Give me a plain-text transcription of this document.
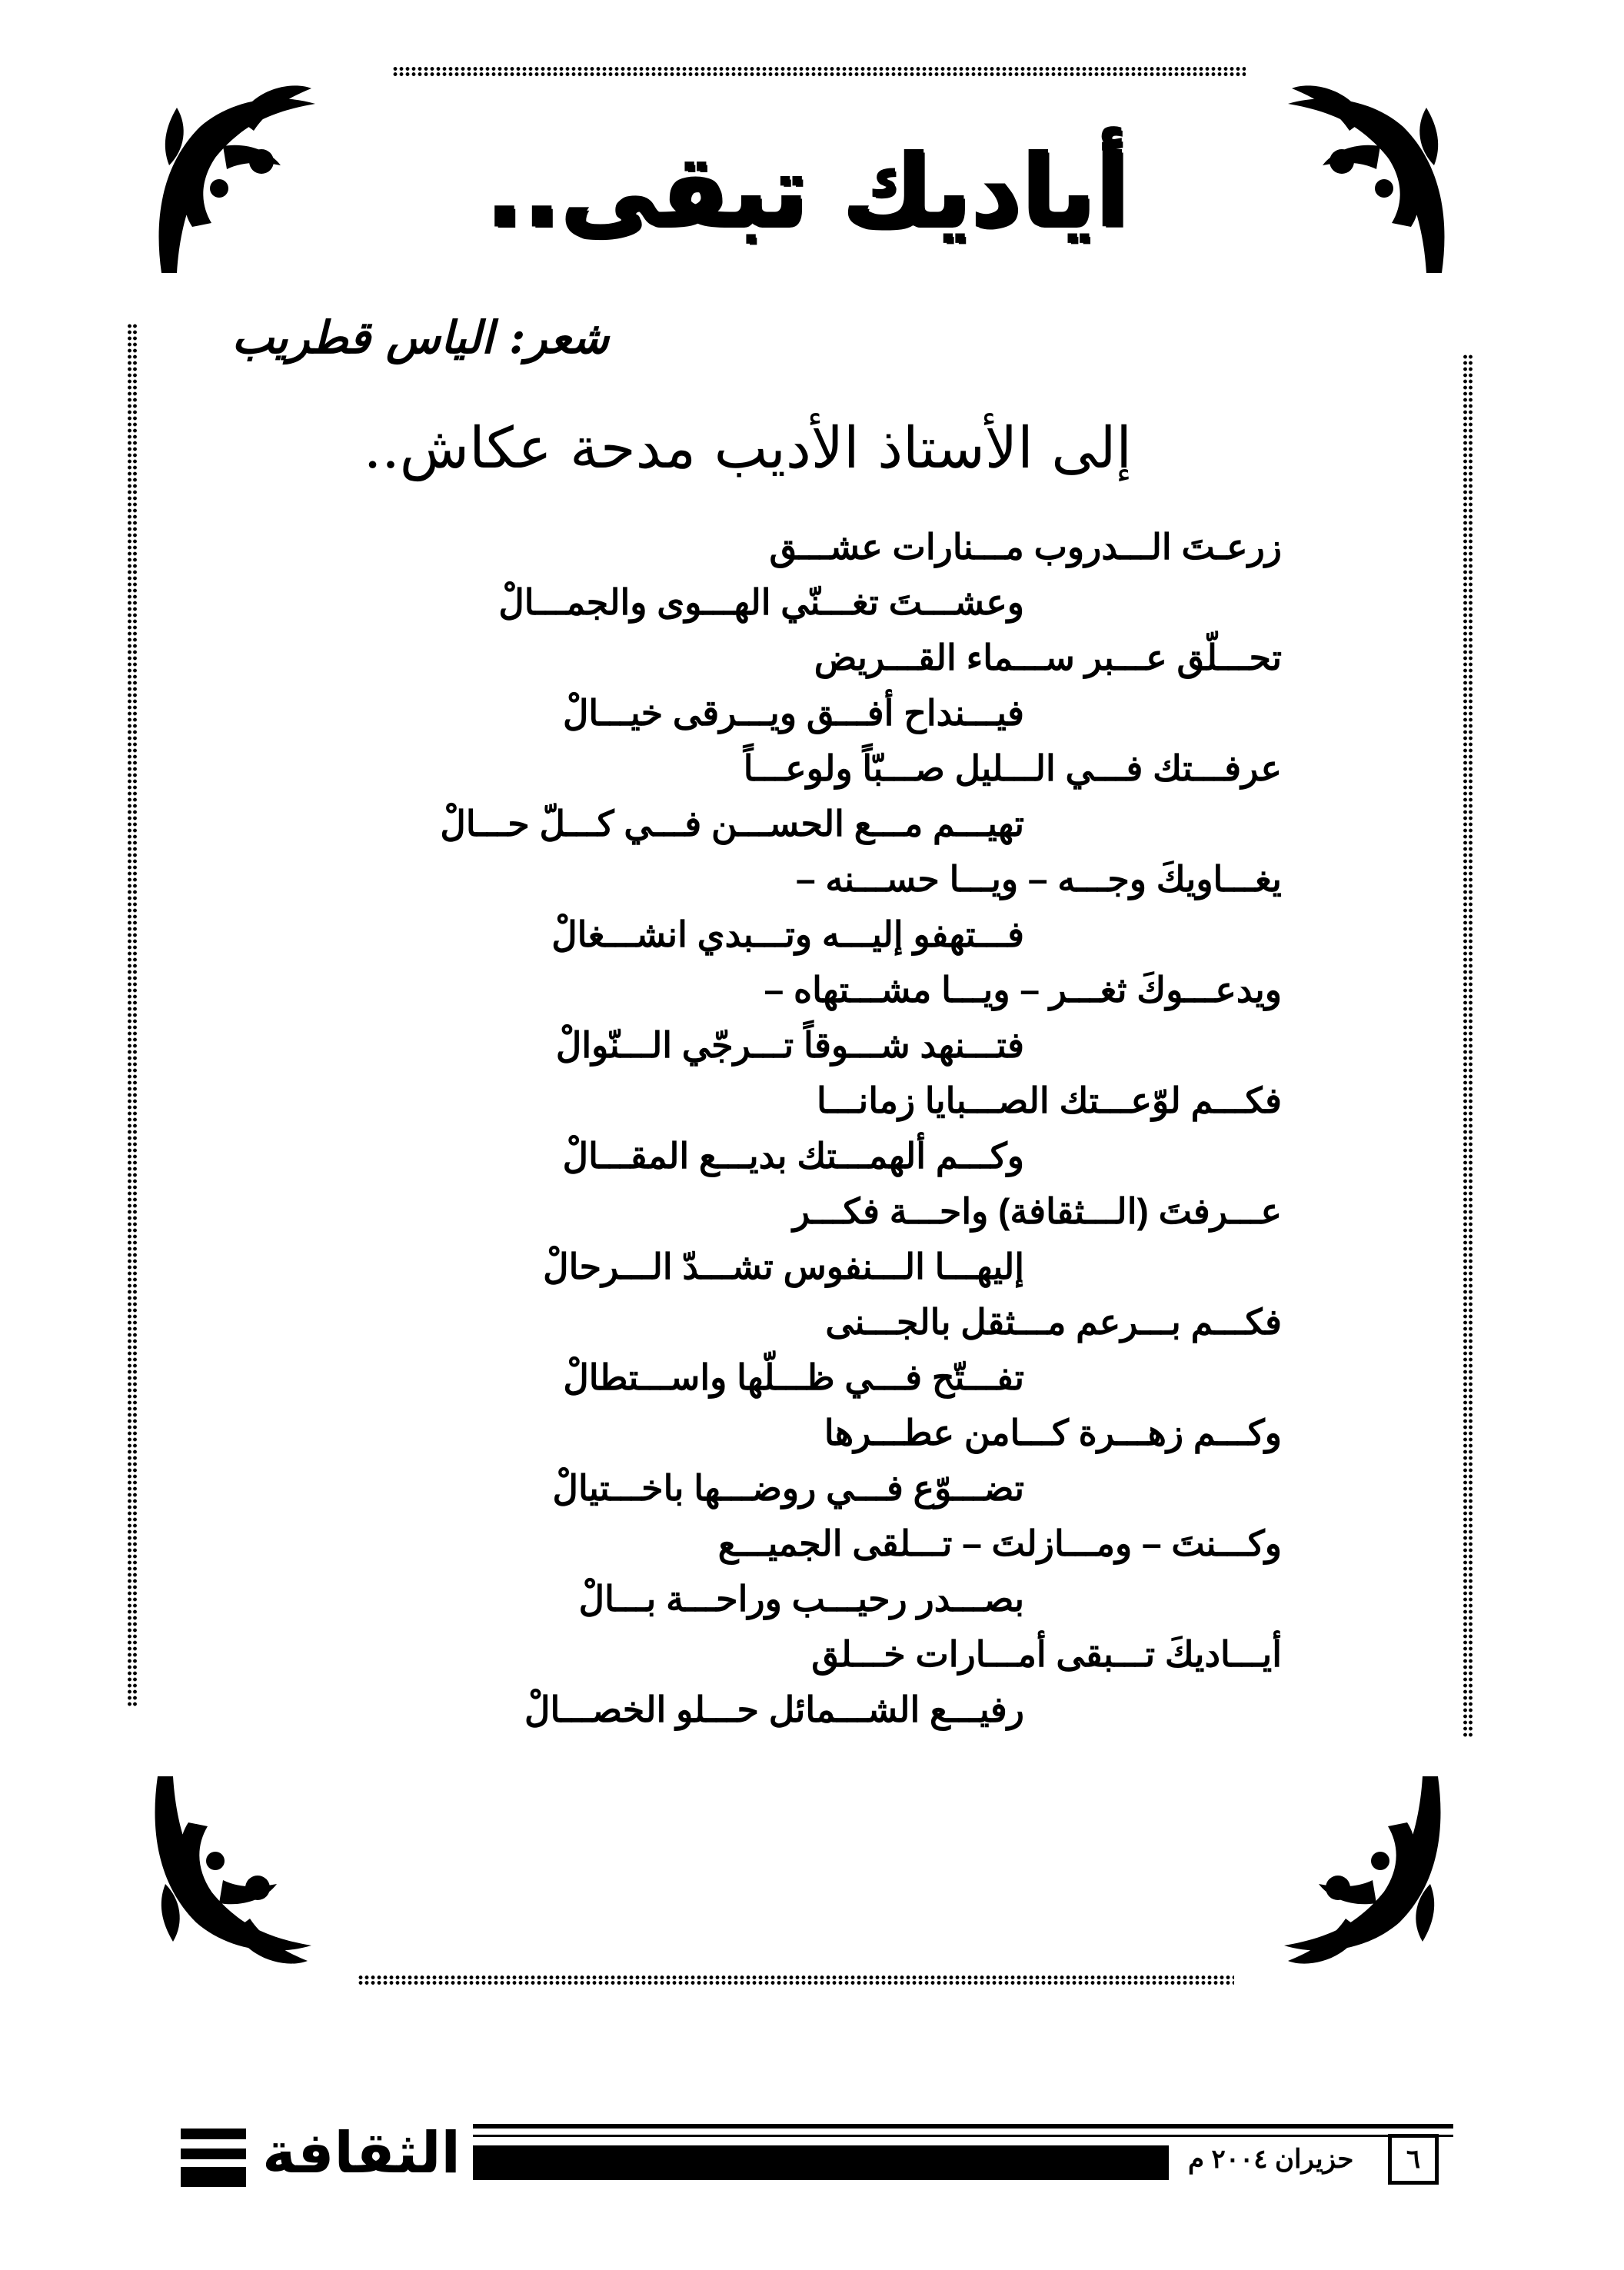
أياديك تبقى..
شعر: الياس قطريب
إلى الأستاذ الأديب مدحة عكاش..
زرعـتَ الـــدروب مـــنارات عشـــق
وعشـــتَ تغـــنّي الهـــوى والجمـــالْ
تحـــلّق عـــبر ســـماء القـــريض
فيـــنداح أفـــق ويـــرقى خيـــالْ
عرفـــتك فـــي الـــليل صـــبّاً ولوعـــاً
تهيـــم مـــع الحســـن فـــي كـــلّ حـــالْ
يغـــاويكَ وجـــه – ويـــا حســـنه –
فـــتهفو إليـــه وتـــبدي انشـــغالْ
ويدعـــوكَ ثغـــر – ويـــا مشـــتهاه –
فتـــنهد شـــوقاً تـــرجّي الـــنّوالْ
فكـــم لوّعـــتك الصـــبايا زمانـــا
وكـــم ألهمـــتك بديـــع المقـــالْ
عـــرفتَ (الـــثقافة) واحـــة فكـــر
إليهـــا الـــنفوس تشـــدّ الـــرحالْ
فكـــم بـــرعم مـــثقل بالجـــنى
تفـــتّح فـــي ظـــلّها واســـتطالْ
وكـــم زهـــرة كـــامن عطـــرها
تضـــوّع فـــي روضـــها باخـــتيالْ
وكـــنتَ – ومـــازلتَ – تـــلقى الجميـــع
بصـــدر رحيـــب وراحـــة بـــالْ
أيـــاديكَ تـــبقى أمـــارات خـــلق
رفيـــع الشـــمائل حـــلو الخصـــالْ
الثقافة	حزيران ٢٠٠٤ م	٦
